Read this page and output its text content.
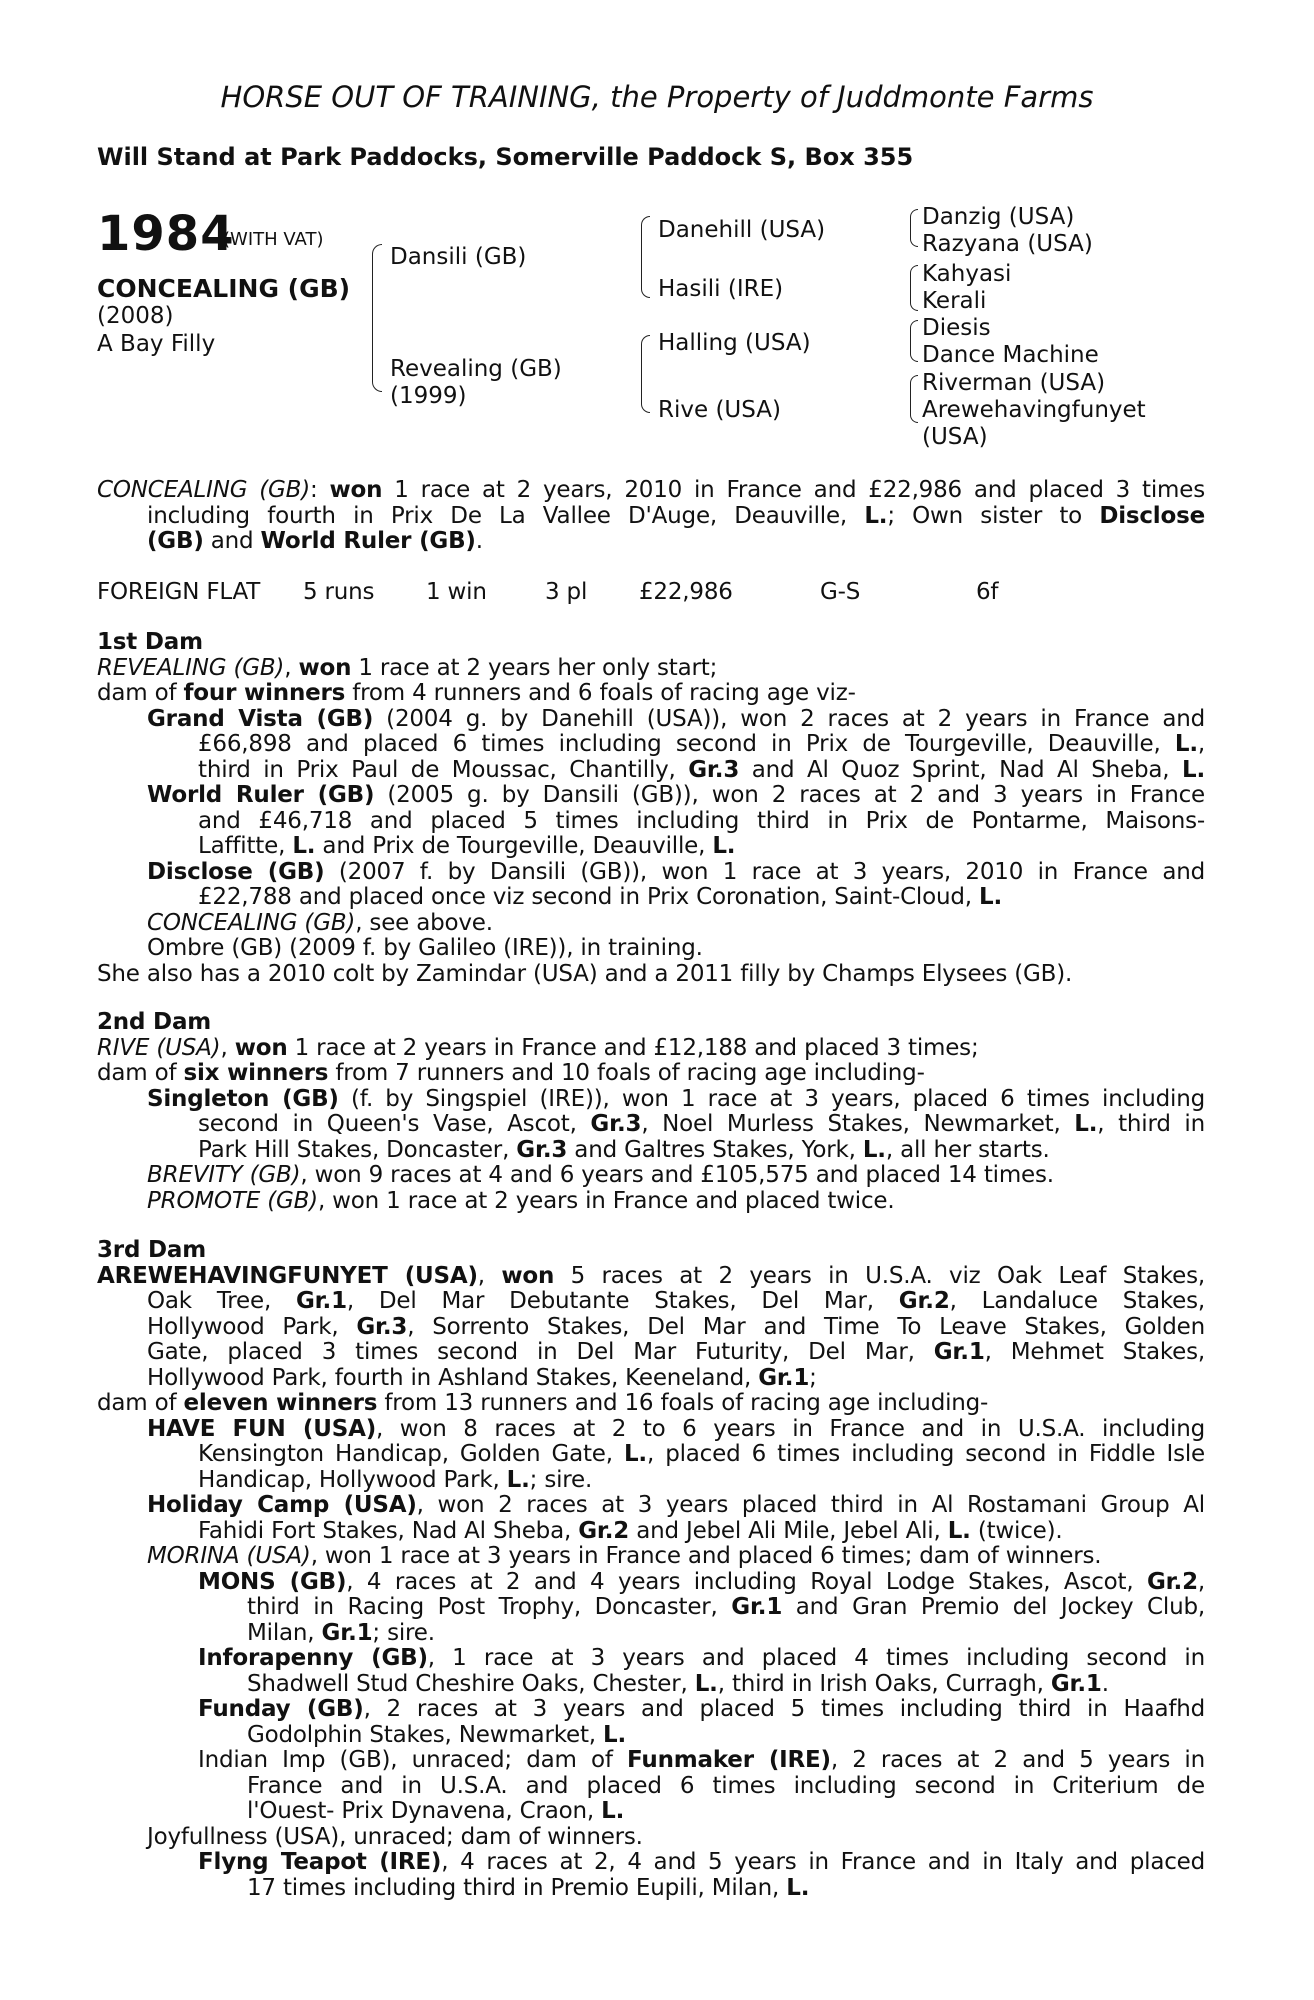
HORSE OUT OF TRAINING, the Property of Juddmonte Farms
Will Stand at Park Paddocks, Somerville Paddock S, Box 355
1984
(WITH VAT)
CONCEALING (GB)
(2008)
A Bay Filly
Dansili (GB)
Revealing (GB)
(1999)
Danehill (USA)
Hasili (IRE)
Halling (USA)
Rive (USA)
Danzig (USA)
Razyana (USA)
Kahyasi
Kerali
Diesis
Dance Machine
Riverman (USA)
Arewehavingfunyet
(USA)
CONCEALING (GB): won 1 race at 2 years, 2010 in France and £22,986 and placed 3 times
including fourth in Prix De La Vallee D'Auge, Deauville, L.; Own sister to Disclose
(GB) and World Ruler (GB).
FOREIGN FLAT 5 runs 1 win	3 pl £22,986	G-S	6f
1st Dam
REVEALING (GB), won 1 race at 2 years her only start;
dam of four winners from 4 runners and 6 foals of racing age viz-
Grand Vista (GB) (2004 g. by Danehill (USA)), won 2 races at 2 years in France and
£66,898 and placed 6 times including second in Prix de Tourgeville, Deauville, L.,
third in Prix Paul de Moussac, Chantilly, Gr.3 and Al Quoz Sprint, Nad Al Sheba, L.
World Ruler (GB) (2005 g. by Dansili (GB)), won 2 races at 2 and 3 years in France
and £46,718 and placed 5 times including third in Prix de Pontarme, Maisons-
Laffitte, L. and Prix de Tourgeville, Deauville, L.
Disclose (GB) (2007 f. by Dansili (GB)), won 1 race at 3 years, 2010 in France and
£22,788 and placed once viz second in Prix Coronation, Saint-Cloud, L.
CONCEALING (GB), see above.
Ombre (GB) (2009 f. by Galileo (IRE)), in training.
She also has a 2010 colt by Zamindar (USA) and a 2011 filly by Champs Elysees (GB).
2nd Dam
RIVE (USA), won 1 race at 2 years in France and £12,188 and placed 3 times;
dam of six winners from 7 runners and 10 foals of racing age including-
Singleton (GB) (f. by Singspiel (IRE)), won 1 race at 3 years, placed 6 times including
second in Queen's Vase, Ascot, Gr.3, Noel Murless Stakes, Newmarket, L., third in
Park Hill Stakes, Doncaster, Gr.3 and Galtres Stakes, York, L., all her starts.
BREVITY (GB), won 9 races at 4 and 6 years and £105,575 and placed 14 times.
PROMOTE (GB), won 1 race at 2 years in France and placed twice.
3rd Dam
AREWEHAVINGFUNYET (USA), won 5 races at 2 years in U.S.A. viz Oak Leaf Stakes,
Oak Tree, Gr.1, Del Mar Debutante Stakes, Del Mar, Gr.2, Landaluce Stakes,
Hollywood Park, Gr.3, Sorrento Stakes, Del Mar and Time To Leave Stakes, Golden
Gate, placed 3 times second in Del Mar Futurity, Del Mar, Gr.1, Mehmet Stakes,
Hollywood Park, fourth in Ashland Stakes, Keeneland, Gr.1;
dam of eleven winners from 13 runners and 16 foals of racing age including-
HAVE FUN (USA), won 8 races at 2 to 6 years in France and in U.S.A. including
Kensington Handicap, Golden Gate, L., placed 6 times including second in Fiddle Isle
Handicap, Hollywood Park, L.; sire.
Holiday Camp (USA), won 2 races at 3 years placed third in Al Rostamani Group Al
Fahidi Fort Stakes, Nad Al Sheba, Gr.2 and Jebel Ali Mile, Jebel Ali, L. (twice).
MORINA (USA), won 1 race at 3 years in France and placed 6 times; dam of winners.
MONS (GB), 4 races at 2 and 4 years including Royal Lodge Stakes, Ascot, Gr.2,
third in Racing Post Trophy, Doncaster, Gr.1 and Gran Premio del Jockey Club,
Milan, Gr.1; sire.
Inforapenny (GB), 1 race at 3 years and placed 4 times including second in
Shadwell Stud Cheshire Oaks, Chester, L., third in Irish Oaks, Curragh, Gr.1.
Funday (GB), 2 races at 3 years and placed 5 times including third in Haafhd
Godolphin Stakes, Newmarket, L.
Indian Imp (GB), unraced; dam of Funmaker (IRE), 2 races at 2 and 5 years in
France and in U.S.A. and placed 6 times including second in Criterium de
l'Ouest- Prix Dynavena, Craon, L.
Joyfullness (USA), unraced; dam of winners.
Flyng Teapot (IRE), 4 races at 2, 4 and 5 years in France and in Italy and placed
17 times including third in Premio Eupili, Milan, L.
